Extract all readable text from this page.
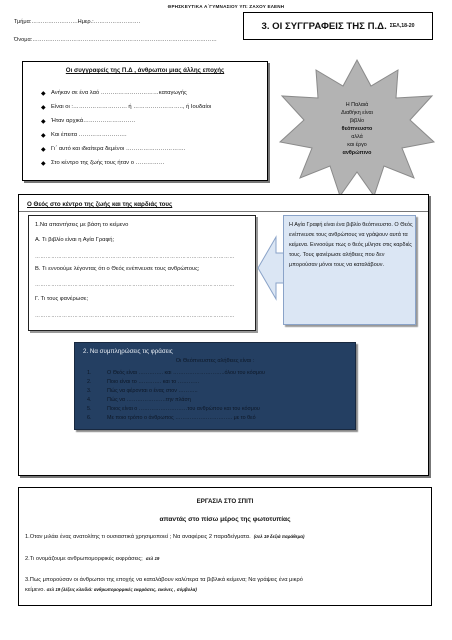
ΘΡΗΣΚΕΥΤΙΚΑ Α΄ΓΥΜΝΑΣΙΟΥ ΥΠ: ΖΑΧΟΥ ΕΛΕΝΗ
Τμήμα:…………………….Ημερ.:…………………….
Όνομα:………………………………………………………………………………………
3. ΟΙ ΣΥΓΓΡΑΦΕΙΣ ΤΗΣ Π.Δ. ΣΕΛ,18-20
Οι συγγραφείς της Π.Δ , άνθρωποι μιας άλλης εποχής
◆ Ανήκαν σε ένα λαό …………………………καταγωγής
◆ Είναι οι :………………………. ή …………………….., ή Ιουδαίοι
◆ Ήταν αρχικά………………………
◆ Και έπειτα …………………….
◆ Γι΄ αυτό και ιδιαίτερα δεμένοι ………………………….
◆ Στο κέντρο της ζωής τους ήταν ο ……………
Η Παλαιά
Διαθήκη είναι
βιβλίο
θεόπνευστο
αλλά
και έργο
ανθρώπινο
Ο Θεός στο κέντρο της ζωής και της καρδιάς τους
1.Να απαντήσεις με βάση το κείμενο
Α. Τι βιβλίο είναι η Αγία Γραφή;
…………………………………………………………………………………………………
Β. Τι εννοούμε λέγοντας ότι ο Θεός ενέπνευσε τους ανθρώπους;
…………………………………………………………………………………………………
Γ. Τι τους φανέρωσε;
…………………………………………………………………………………………………
Η Αγία Γραφή είναι ένα βιβλίο θεόπνευστο. Ο Θεός ενέπνευσε τους ανθρώπους να γράψουν αυτά τα κείμενα. Εννοούμε πως ο θεός μίλησε στις καρδιές τους. Τους φανέρωσε αλήθειες που δεν μπορούσαν μόνοι τους να καταλάβουν.
2. Να συμπληρώσεις τις φράσεις
Οι Θεόπνευστες αλήθειες είναι :
1.	Ο Θεός είναι ………….. και ………………………..όλου του κόσμου
2.	Ποιο είναι το …………. και το …………
3.	Πώς να φέρονται ο ένας στον ………..
4.	Πώς να ………………….την πλάση
5.	Ποιος είναι ο ………………………του ανθρώπου και του κόσμου
6.	Με ποιο τρόπο ο άνθρωπος ………………………….. με το θεό
ΕΡΓΑΣΙΑ ΣΤΟ ΣΠΙΤΙ
απαντάς στο πίσω μέρος της φωτοτυπίας
1.Οταν μιλάει ένας ανατολίτης τι ουσιαστικά χρησιμοποιεί ; Να αναφέρεις 2 παραδείγματα. (σελ 19 δεξιά παράθεμα)
2.Τι ονομάζουμε ανθρωπομορφικές εκφράσεις; σελ 19
3.Πως μπορούσαν οι άνθρωποι της εποχής να καταλάβουν καλύτερα τα βιβλικά κείμενα; Να γράψεις ένα μικρό
κείμενο. σελ 19 (λέξεις κλειδιά: ανθρωπομορφικές εκφράσεις, εικόνες , σύμβολα)
